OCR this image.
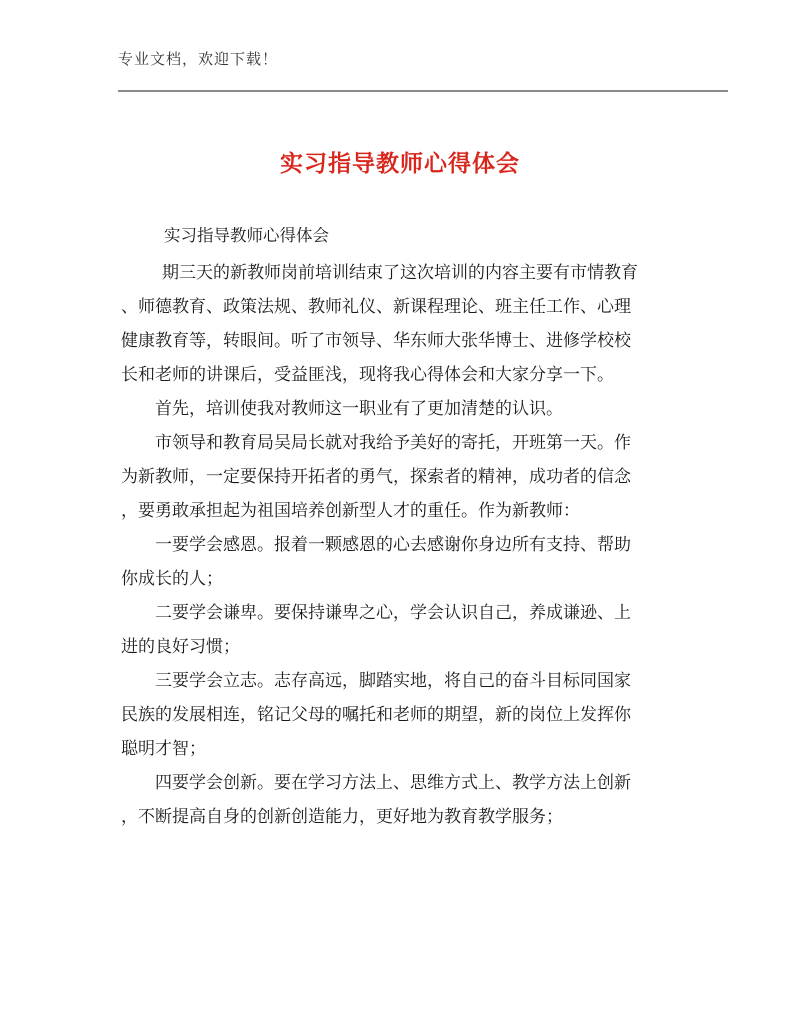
专业文档，欢迎下载！
实习指导教师心得体会
实习指导教师心得体会
期三天的新教师岗前培训结束了这次培训的内容主要有市情教育
、师德教育、政策法规、教师礼仪、新课程理论、班主任工作、心理
健康教育等，转眼间。听了市领导、华东师大张华博士、进修学校校
长和老师的讲课后，受益匪浅，现将我心得体会和大家分享一下。
首先，培训使我对教师这一职业有了更加清楚的认识。
市领导和教育局吴局长就对我给予美好的寄托，开班第一天。作
为新教师，一定要保持开拓者的勇气，探索者的精神，成功者的信念
，要勇敢承担起为祖国培养创新型人才的重任。作为新教师：
一要学会感恩。报着一颗感恩的心去感谢你身边所有支持、帮助
你成长的人；
二要学会谦卑。要保持谦卑之心，学会认识自己，养成谦逊、上
进的良好习惯；
三要学会立志。志存高远，脚踏实地，将自己的奋斗目标同国家
民族的发展相连，铭记父母的嘱托和老师的期望，新的岗位上发挥你
聪明才智；
四要学会创新。要在学习方法上、思维方式上、教学方法上创新
，不断提高自身的创新创造能力，更好地为教育教学服务；
